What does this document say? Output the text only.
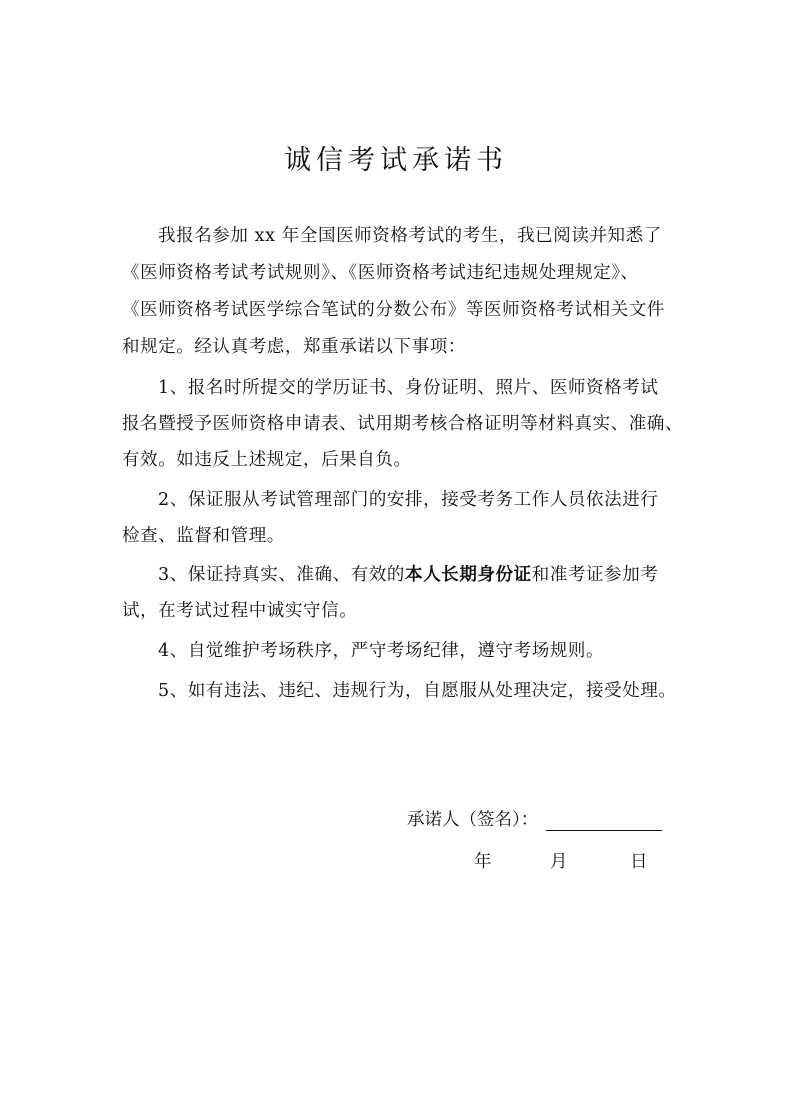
诚信考试承诺书
我报名参加 xx 年全国医师资格考试的考生，我已阅读并知悉了
《医师资格考试考试规则》、《医师资格考试违纪违规处理规定》、
《医师资格考试医学综合笔试的分数公布》等医师资格考试相关文件
和规定。经认真考虑，郑重承诺以下事项：
1、报名时所提交的学历证书、身份证明、照片、医师资格考试
报名暨授予医师资格申请表、试用期考核合格证明等材料真实、准确、
有效。如违反上述规定，后果自负。
2、保证服从考试管理部门的安排，接受考务工作人员依法进行
检查、监督和管理。
3、保证持真实、准确、有效的本人长期身份证和准考证参加考
试，在考试过程中诚实守信。
4、自觉维护考场秩序，严守考场纪律，遵守考场规则。
5、如有违法、违纪、违规行为，自愿服从处理决定，接受处理。
承诺人（签名）：
年	月	日
